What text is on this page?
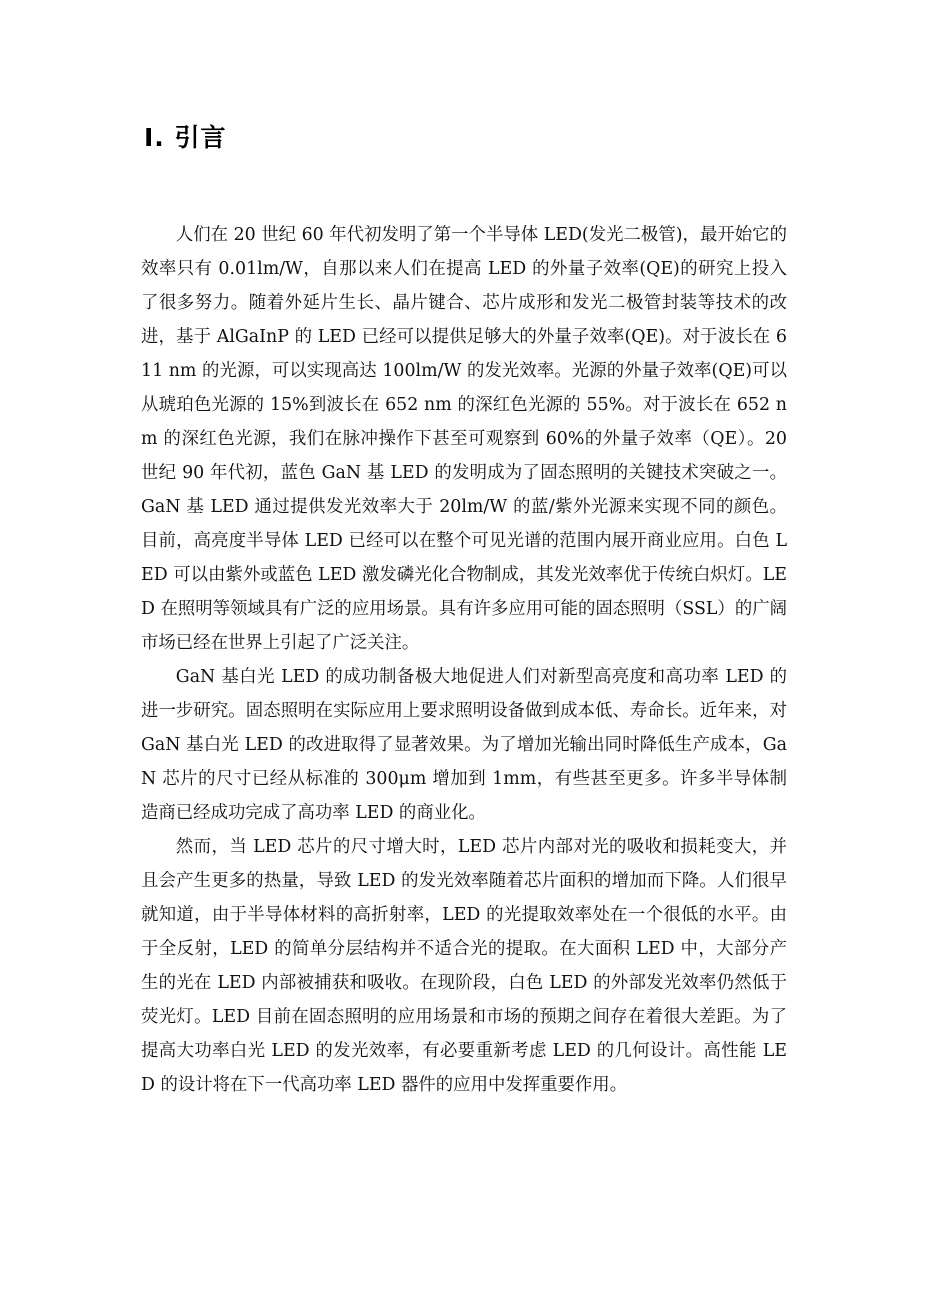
Ⅰ. 引言

人们在 20 世纪 60 年代初发明了第一个半导体 LED(发光二极管)，最开始它的效率只有 0.01lm/W，自那以来人们在提高 LED 的外量子效率(QE)的研究上投入了很多努力。随着外延片生长、晶片键合、芯片成形和发光二极管封装等技术的改进，基于 AlGaInP 的 LED 已经可以提供足够大的外量子效率(QE)。对于波长在 611 nm 的光源，可以实现高达 100lm/W 的发光效率。光源的外量子效率(QE)可以从琥珀色光源的 15%到波长在 652 nm 的深红色光源的 55%。对于波长在 652 nm 的深红色光源，我们在脉冲操作下甚至可观察到 60%的外量子效率（QE）。20 世纪 90 年代初，蓝色 GaN 基 LED 的发明成为了固态照明的关键技术突破之一。GaN 基 LED 通过提供发光效率大于 20lm/W 的蓝/紫外光源来实现不同的颜色。目前，高亮度半导体 LED 已经可以在整个可见光谱的范围内展开商业应用。白色 LED 可以由紫外或蓝色 LED 激发磷光化合物制成，其发光效率优于传统白炽灯。LED 在照明等领域具有广泛的应用场景。具有许多应用可能的固态照明（SSL）的广阔市场已经在世界上引起了广泛关注。

GaN 基白光 LED 的成功制备极大地促进人们对新型高亮度和高功率 LED 的进一步研究。固态照明在实际应用上要求照明设备做到成本低、寿命长。近年来，对 GaN 基白光 LED 的改进取得了显著效果。为了增加光输出同时降低生产成本，GaN 芯片的尺寸已经从标准的 300μm 增加到 1mm，有些甚至更多。许多半导体制造商已经成功完成了高功率 LED 的商业化。

然而，当 LED 芯片的尺寸增大时，LED 芯片内部对光的吸收和损耗变大，并且会产生更多的热量，导致 LED 的发光效率随着芯片面积的增加而下降。人们很早就知道，由于半导体材料的高折射率，LED 的光提取效率处在一个很低的水平。由于全反射，LED 的简单分层结构并不适合光的提取。在大面积 LED 中，大部分产生的光在 LED 内部被捕获和吸收。在现阶段，白色 LED 的外部发光效率仍然低于荧光灯。LED 目前在固态照明的应用场景和市场的预期之间存在着很大差距。为了提高大功率白光 LED 的发光效率，有必要重新考虑 LED 的几何设计。高性能 LED 的设计将在下一代高功率 LED 器件的应用中发挥重要作用。
